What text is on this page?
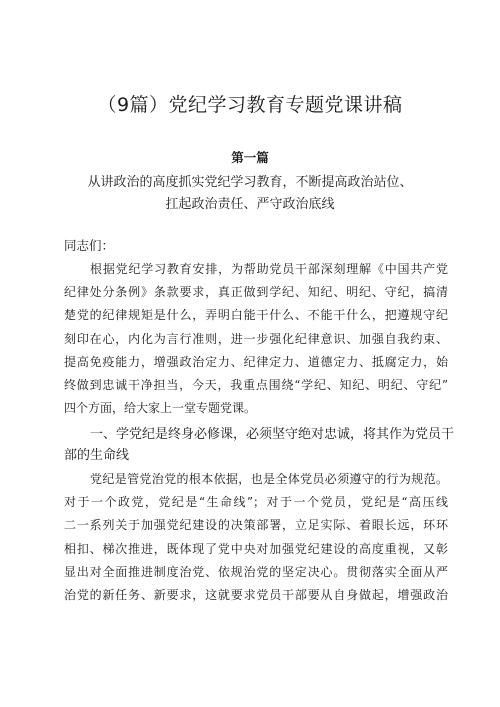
（9篇）党纪学习教育专题党课讲稿
第一篇
从讲政治的高度抓实党纪学习教育，不断提高政治站位、
扛起政治责任、严守政治底线
同志们：
根据党纪学习教育安排，为帮助党员干部深刻理解《中国共产党
纪律处分条例》条款要求，真正做到学纪、知纪、明纪、守纪，搞清
楚党的纪律规矩是什么，弄明白能干什么、不能干什么，把遵规守纪
刻印在心，内化为言行准则，进一步强化纪律意识、加强自我约束、
提高免疫能力，增强政治定力、纪律定力、道德定力、抵腐定力，始
终做到忠诚干净担当，今天，我重点围绕“学纪、知纪、明纪、守纪”
四个方面，给大家上一堂专题党课。
一、学党纪是终身必修课，必须坚守绝对忠诚，将其作为党员干
部的生命线
党纪是管党治党的根本依据，也是全体党员必须遵守的行为规范。
对于一个政党，党纪是“生命线”；对于一个党员，党纪是“高压线
二一系列关于加强党纪建设的决策部署，立足实际、着眼长远，环环
相扣、梯次推进，既体现了党中央对加强党纪建设的高度重视，又彰
显出对全面推进制度治党、依规治党的坚定决心。贯彻落实全面从严
治党的新任务、新要求，这就要求党员干部要从自身做起，增强政治
